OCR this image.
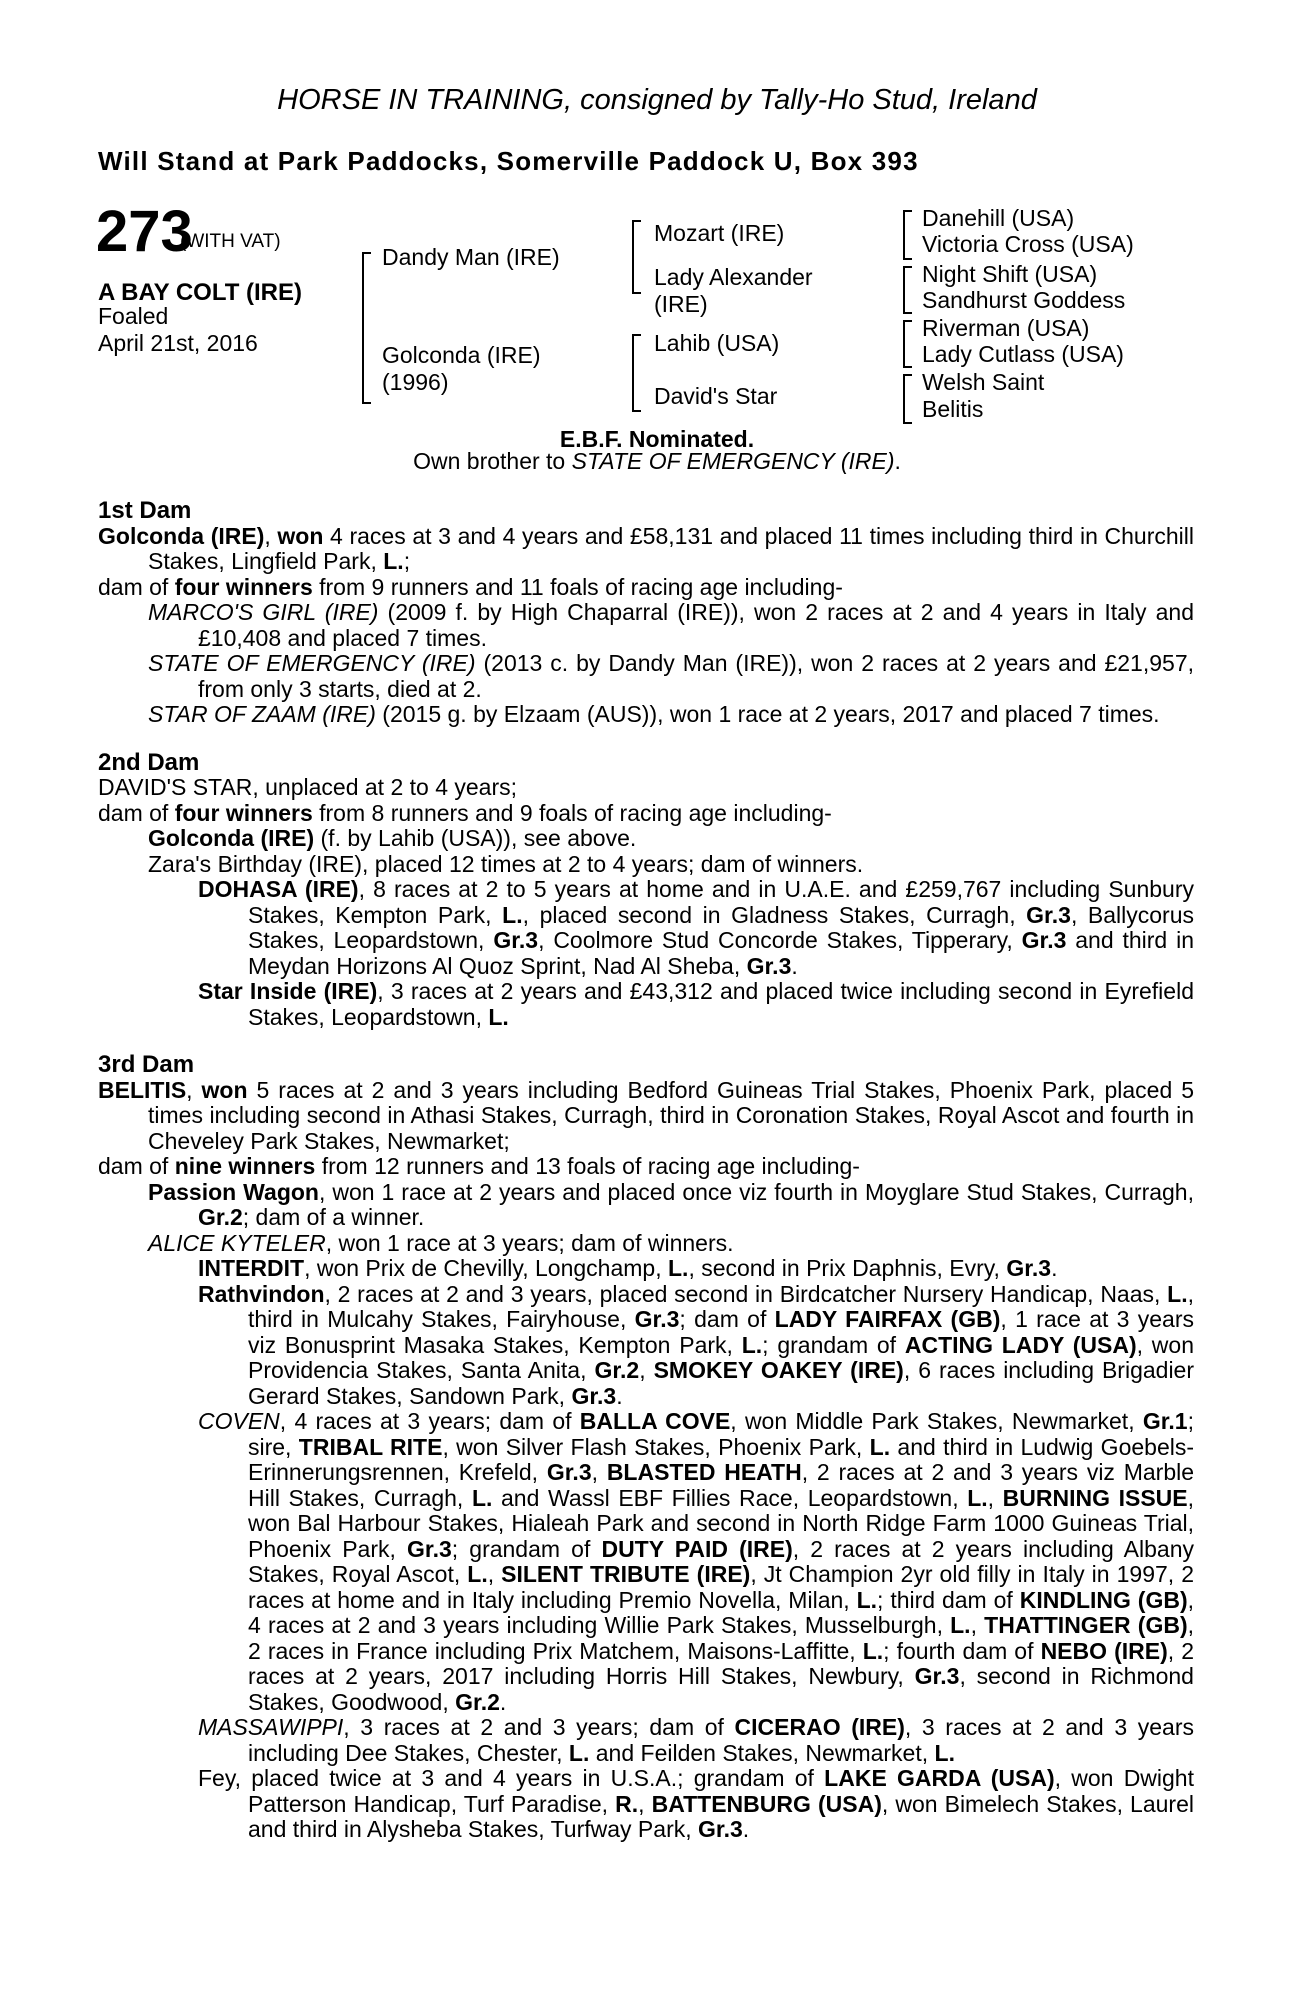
HORSE IN TRAINING, consigned by Tally-Ho Stud, Ireland
Will Stand at Park Paddocks, Somerville Paddock U, Box 393
273
(WITH VAT)
A BAY COLT (IRE)
Foaled
April 21st, 2016
Dandy Man (IRE)
Golconda (IRE)
(1996)
Mozart (IRE)
Lady Alexander
(IRE)
Lahib (USA)
David's Star
Danehill (USA)
Victoria Cross (USA)
Night Shift (USA)
Sandhurst Goddess
Riverman (USA)
Lady Cutlass (USA)
Welsh Saint
Belitis
E.B.F. Nominated.
Own brother to STATE OF EMERGENCY (IRE).
1st Dam
Golconda (IRE), won 4 races at 3 and 4 years and £58,131 and placed 11 times including third in Churchill Stakes, Lingfield Park, L.;
dam of four winners from 9 runners and 11 foals of racing age including-
MARCO'S GIRL (IRE) (2009 f. by High Chaparral (IRE)), won 2 races at 2 and 4 years in Italy and £10,408 and placed 7 times.
STATE OF EMERGENCY (IRE) (2013 c. by Dandy Man (IRE)), won 2 races at 2 years and £21,957, from only 3 starts, died at 2.
STAR OF ZAAM (IRE) (2015 g. by Elzaam (AUS)), won 1 race at 2 years, 2017 and placed 7 times.
2nd Dam
DAVID'S STAR, unplaced at 2 to 4 years;
dam of four winners from 8 runners and 9 foals of racing age including-
Golconda (IRE) (f. by Lahib (USA)), see above.
Zara's Birthday (IRE), placed 12 times at 2 to 4 years; dam of winners.
DOHASA (IRE), 8 races at 2 to 5 years at home and in U.A.E. and £259,767 including Sunbury Stakes, Kempton Park, L., placed second in Gladness Stakes, Curragh, Gr.3, Ballycorus Stakes, Leopardstown, Gr.3, Coolmore Stud Concorde Stakes, Tipperary, Gr.3 and third in Meydan Horizons Al Quoz Sprint, Nad Al Sheba, Gr.3.
Star Inside (IRE), 3 races at 2 years and £43,312 and placed twice including second in Eyrefield Stakes, Leopardstown, L.
3rd Dam
BELITIS, won 5 races at 2 and 3 years including Bedford Guineas Trial Stakes, Phoenix Park, placed 5 times including second in Athasi Stakes, Curragh, third in Coronation Stakes, Royal Ascot and fourth in Cheveley Park Stakes, Newmarket;
dam of nine winners from 12 runners and 13 foals of racing age including-
Passion Wagon, won 1 race at 2 years and placed once viz fourth in Moyglare Stud Stakes, Curragh, Gr.2; dam of a winner.
ALICE KYTELER, won 1 race at 3 years; dam of winners.
INTERDIT, won Prix de Chevilly, Longchamp, L., second in Prix Daphnis, Evry, Gr.3.
Rathvindon, 2 races at 2 and 3 years, placed second in Birdcatcher Nursery Handicap, Naas, L., third in Mulcahy Stakes, Fairyhouse, Gr.3; dam of LADY FAIRFAX (GB), 1 race at 3 years viz Bonusprint Masaka Stakes, Kempton Park, L.; grandam of ACTING LADY (USA), won Providencia Stakes, Santa Anita, Gr.2, SMOKEY OAKEY (IRE), 6 races including Brigadier Gerard Stakes, Sandown Park, Gr.3.
COVEN, 4 races at 3 years; dam of BALLA COVE, won Middle Park Stakes, Newmarket, Gr.1; sire, TRIBAL RITE, won Silver Flash Stakes, Phoenix Park, L. and third in Ludwig Goebels-Erinnerungsrennen, Krefeld, Gr.3, BLASTED HEATH, 2 races at 2 and 3 years viz Marble Hill Stakes, Curragh, L. and Wassl EBF Fillies Race, Leopardstown, L., BURNING ISSUE, won Bal Harbour Stakes, Hialeah Park and second in North Ridge Farm 1000 Guineas Trial, Phoenix Park, Gr.3; grandam of DUTY PAID (IRE), 2 races at 2 years including Albany Stakes, Royal Ascot, L., SILENT TRIBUTE (IRE), Jt Champion 2yr old filly in Italy in 1997, 2 races at home and in Italy including Premio Novella, Milan, L.; third dam of KINDLING (GB), 4 races at 2 and 3 years including Willie Park Stakes, Musselburgh, L., THATTINGER (GB), 2 races in France including Prix Matchem, Maisons-Laffitte, L.; fourth dam of NEBO (IRE), 2 races at 2 years, 2017 including Horris Hill Stakes, Newbury, Gr.3, second in Richmond Stakes, Goodwood, Gr.2.
MASSAWIPPI, 3 races at 2 and 3 years; dam of CICERAO (IRE), 3 races at 2 and 3 years including Dee Stakes, Chester, L. and Feilden Stakes, Newmarket, L.
Fey, placed twice at 3 and 4 years in U.S.A.; grandam of LAKE GARDA (USA), won Dwight Patterson Handicap, Turf Paradise, R., BATTENBURG (USA), won Bimelech Stakes, Laurel and third in Alysheba Stakes, Turfway Park, Gr.3.
